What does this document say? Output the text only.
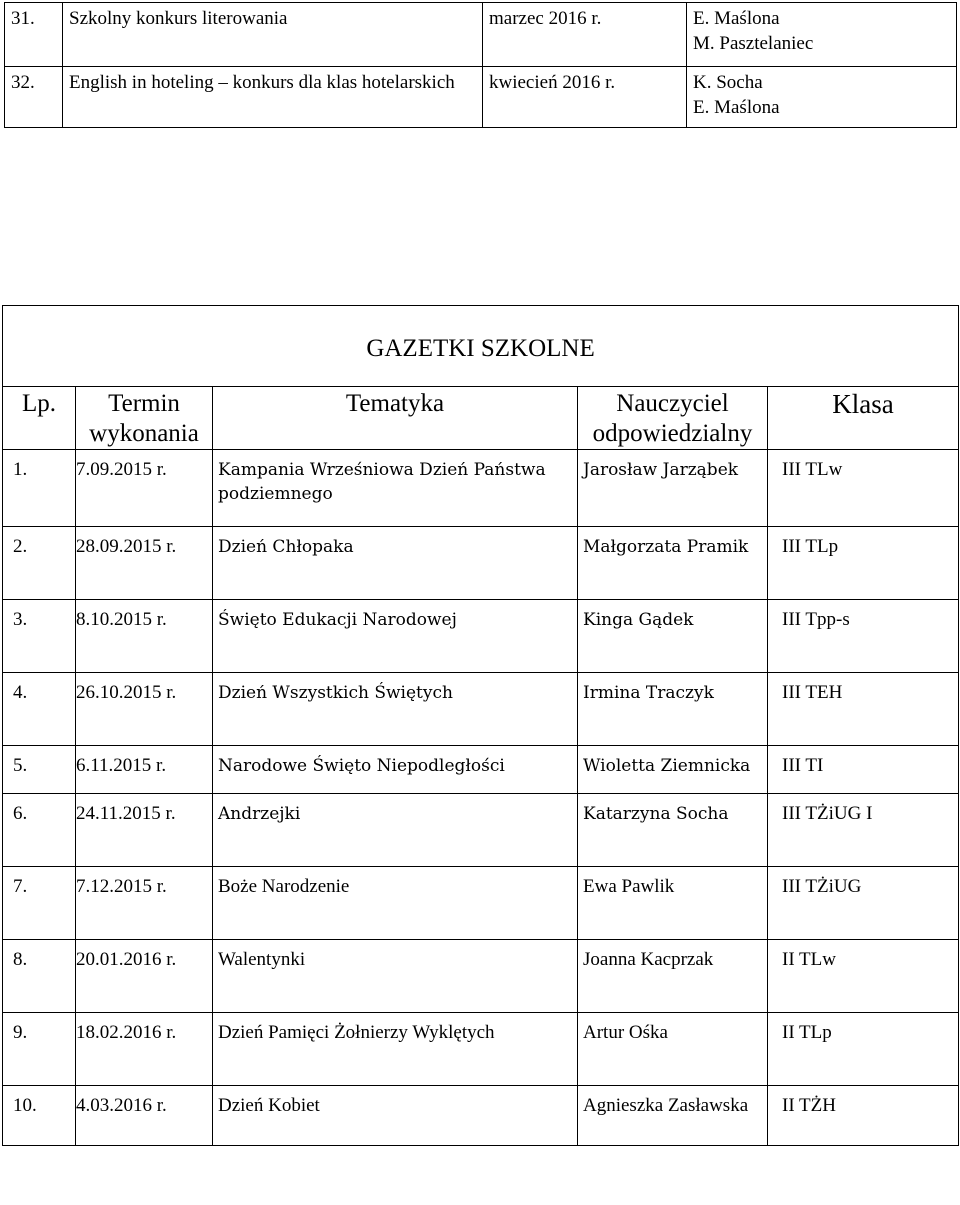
31.	Szkolny konkurs literowania	marzec 2016 r.	E. Maślona
M. Pasztelaniec

32.	English in hoteling – konkurs dla klas hotelarskich	kwiecień 2016 r.	K. Socha
E. Maślona
GAZETKI SZKOLNE				
Lp.	Termin wykonania	Tematyka	Nauczyciel odpowiedzialny	Klasa
1.	7.09.2015 r.	Kampania Wrześniowa Dzień Państwa podziemnego	Jarosław Jarząbek	III TLw
2.	28.09.2015 r.	Dzień Chłopaka	Małgorzata Pramik	III TLp
3.	8.10.2015 r.	Święto Edukacji Narodowej	Kinga Gądek	III Tpp-s
4.	26.10.2015 r.	Dzień Wszystkich Świętych	Irmina Traczyk	III TEH
5.	6.11.2015 r.	Narodowe Święto Niepodległości	Wioletta Ziemnicka	III TI
6.	24.11.2015 r.	Andrzejki	Katarzyna Socha	III TŻiUG I
7.	7.12.2015 r.	Boże Narodzenie	Ewa Pawlik	III TŻiUG
8.	20.01.2016 r.	Walentynki	Joanna Kacprzak	II TLw
9.	18.02.2016 r.	Dzień Pamięci Żołnierzy Wyklętych	Artur Ośka	II TLp
10.	4.03.2016 r.	Dzień Kobiet	Agnieszka Zasławska	II TŻH
